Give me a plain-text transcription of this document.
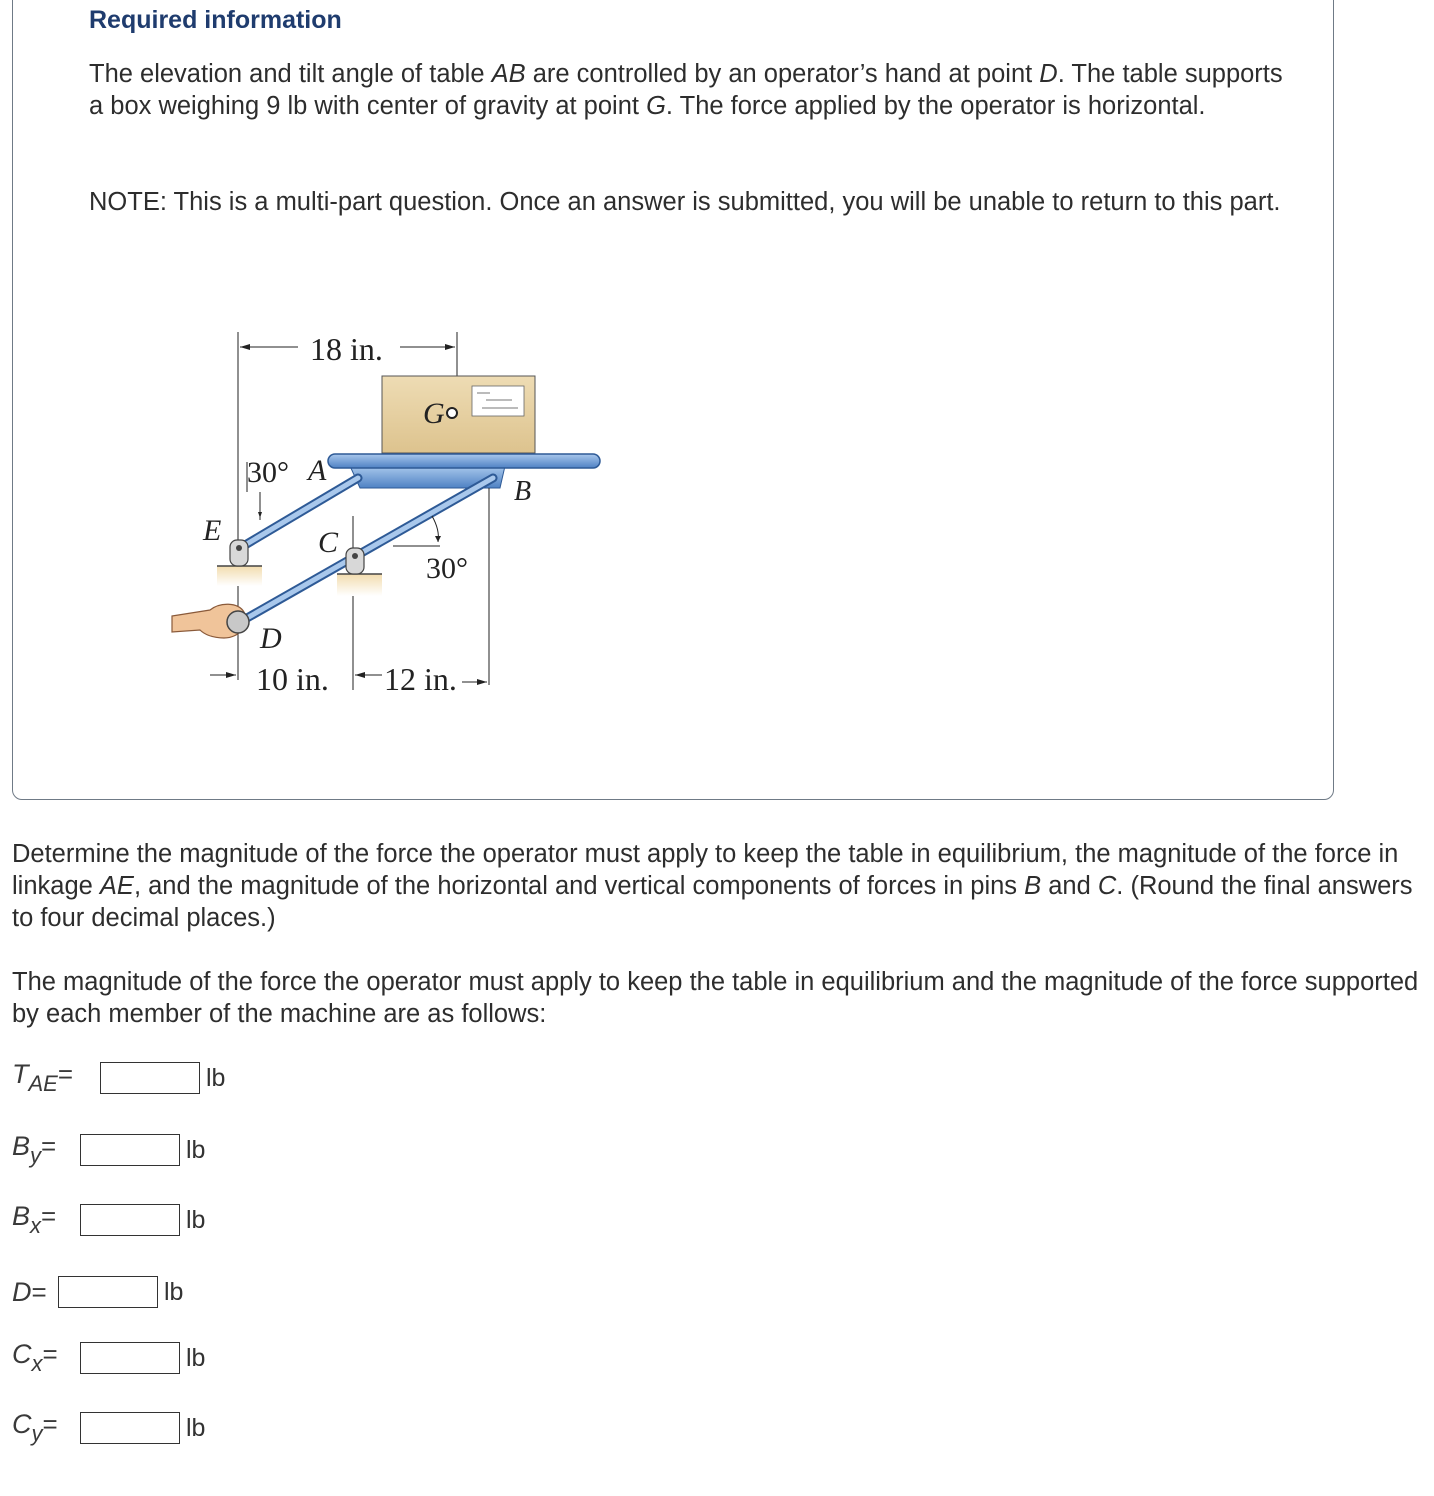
Required information

The elevation and tilt angle of table AB are controlled by an operator’s hand at point D. The table supports a box weighing 9 lb with center of gravity at point G. The force applied by the operator is horizontal.

NOTE: This is a multi-part question. Once an answer is submitted, you will be unable to return to this part.

18 in.
G
30° A
B
C
E
30°
D
10 in. 12 in.

Determine the magnitude of the force the operator must apply to keep the table in equilibrium, the magnitude of the force in linkage AE, and the magnitude of the horizontal and vertical components of forces in pins B and C. (Round the final answers to four decimal places.)

The magnitude of the force the operator must apply to keep the table in equilibrium and the magnitude of the force supported by each member of the machine are as follows:

$T_{AE}=$	lb
$B_y=$	lb
$B_x=$	lb
D=	lb
$C_x=$	lb
$C_y=$	lb
